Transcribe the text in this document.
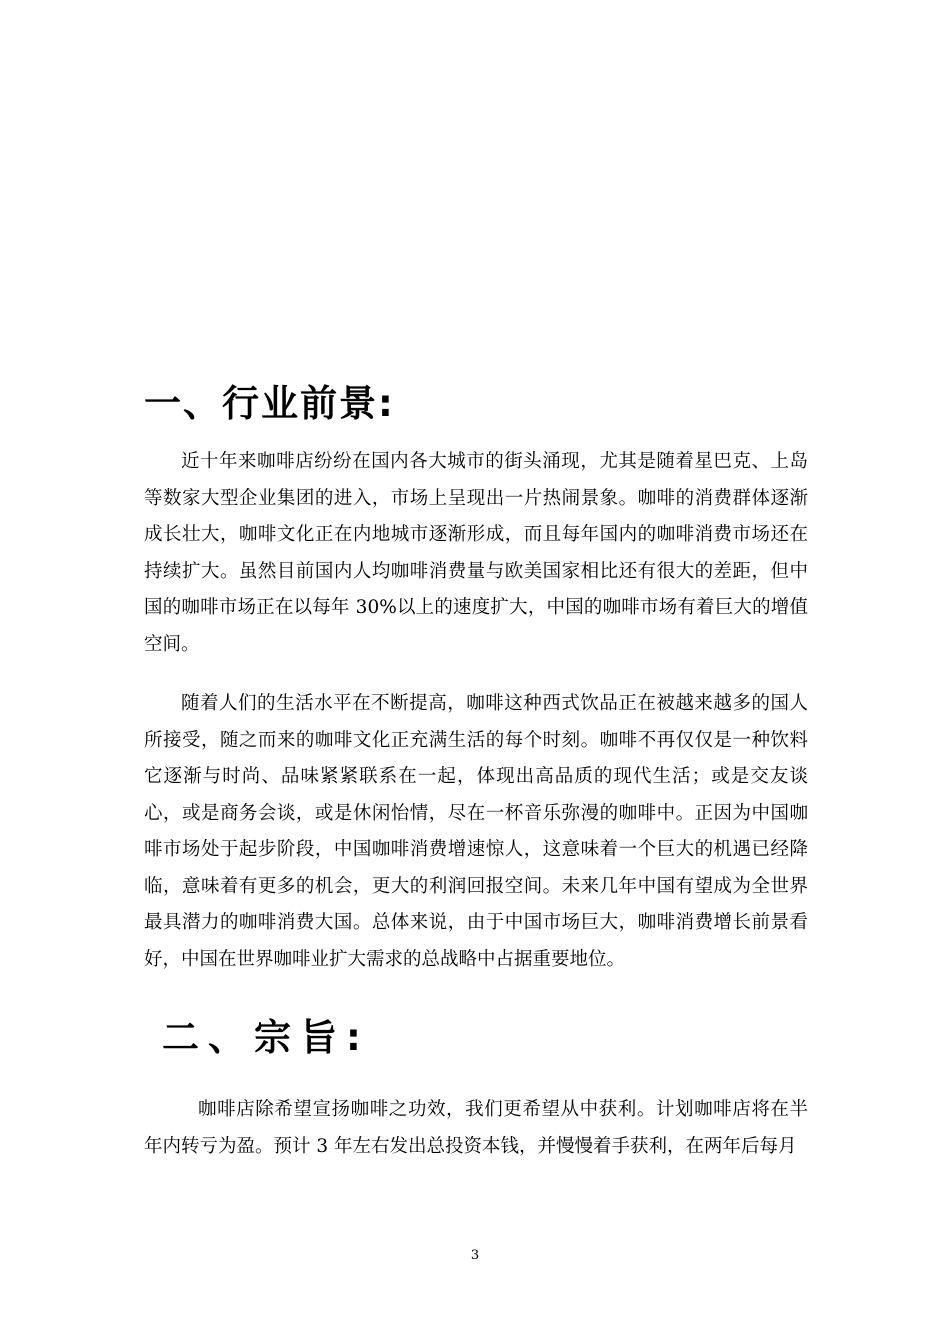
一、行业前景:

近十年来咖啡店纷纷在国内各大城市的街头涌现，尤其是随着星巴克、上岛等数家大型企业集团的进入，市场上呈现出一片热闹景象。咖啡的消费群体逐渐成长壮大，咖啡文化正在内地城市逐渐形成，而且每年国内的咖啡消费市场还在持续扩大。虽然目前国内人均咖啡消费量与欧美国家相比还有很大的差距，但中国的咖啡市场正在以每年 30%以上的速度扩大，中国的咖啡市场有着巨大的增值空间。

随着人们的生活水平在不断提高，咖啡这种西式饮品正在被越来越多的国人所接受，随之而来的咖啡文化正充满生活的每个时刻。咖啡不再仅仅是一种饮料它逐渐与时尚、品味紧紧联系在一起，体现出高品质的现代生活；或是交友谈心，或是商务会谈，或是休闲怡情，尽在一杯音乐弥漫的咖啡中。正因为中国咖啡市场处于起步阶段，中国咖啡消费增速惊人，这意味着一个巨大的机遇已经降临，意味着有更多的机会，更大的利润回报空间。未来几年中国有望成为全世界最具潜力的咖啡消费大国。总体来说，由于中国市场巨大，咖啡消费增长前景看好，中国在世界咖啡业扩大需求的总战略中占据重要地位。

二、宗旨:

咖啡店除希望宣扬咖啡之功效，我们更希望从中获利。计划咖啡店将在半年内转亏为盈。预计 3 年左右发出总投资本钱，并慢慢着手获利，在两年后每月

3
